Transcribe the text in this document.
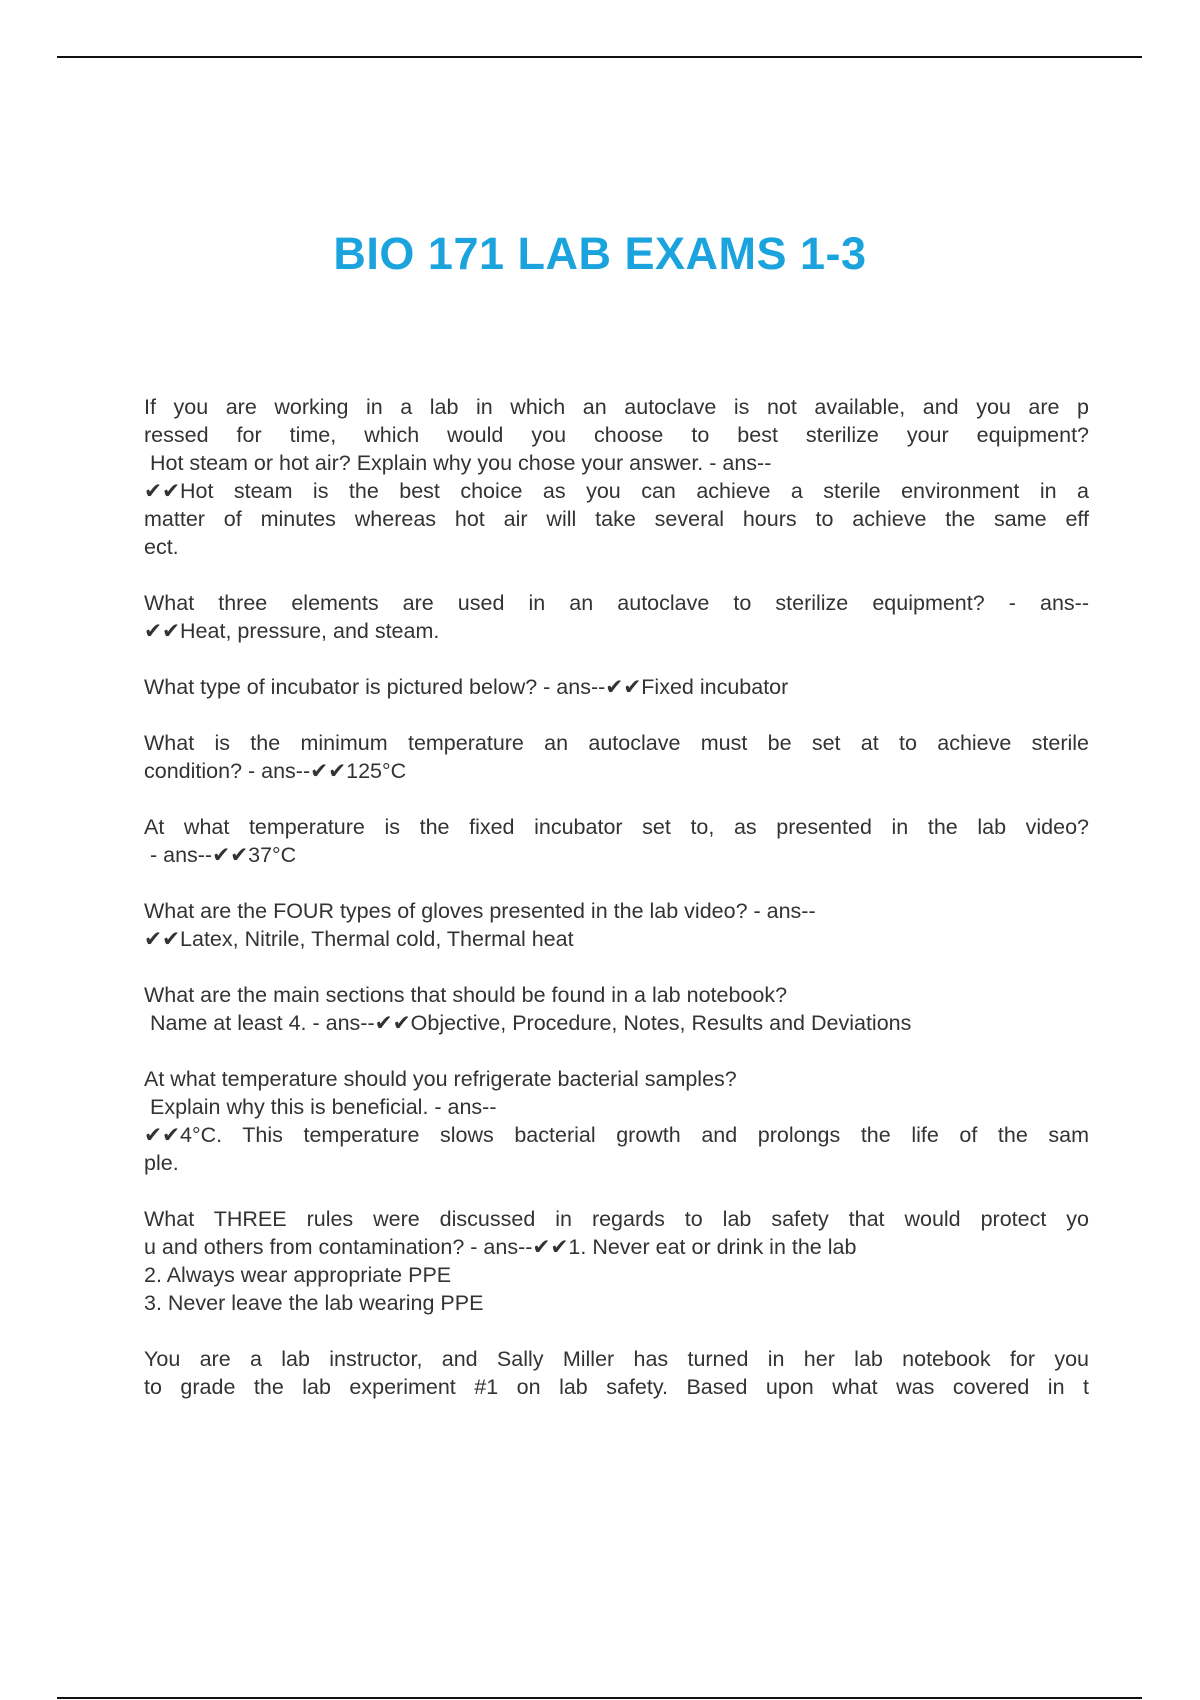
BIO 171 LAB EXAMS 1-3

If you are working in a lab in which an autoclave is not available, and you are p

ressed for time, which would you choose to best sterilize your equipment?

Hot steam or hot air? Explain why you chose your answer. - ans--

✔✔Hot steam is the best choice as you can achieve a sterile environment in a

matter of minutes whereas hot air will take several hours to achieve the same eff

ect.

What three elements are used in an autoclave to sterilize equipment? - ans--

✔✔Heat, pressure, and steam.

What type of incubator is pictured below? - ans--✔✔Fixed incubator

What is the minimum temperature an autoclave must be set at to achieve sterile

condition? - ans--✔✔125°C

At what temperature is the fixed incubator set to, as presented in the lab video?

- ans--✔✔37°C

What are the FOUR types of gloves presented in the lab video? - ans--

✔✔Latex, Nitrile, Thermal cold, Thermal heat

What are the main sections that should be found in a lab notebook?

Name at least 4. - ans--✔✔Objective, Procedure, Notes, Results and Deviations

At what temperature should you refrigerate bacterial samples?

Explain why this is beneficial. - ans--

✔✔4°C. This temperature slows bacterial growth and prolongs the life of the sam

ple.

What THREE rules were discussed in regards to lab safety that would protect yo

u and others from contamination? - ans--✔✔1. Never eat or drink in the lab

2. Always wear appropriate PPE

3. Never leave the lab wearing PPE

You are a lab instructor, and Sally Miller has turned in her lab notebook for you

to grade the lab experiment #1 on lab safety. Based upon what was covered in t
